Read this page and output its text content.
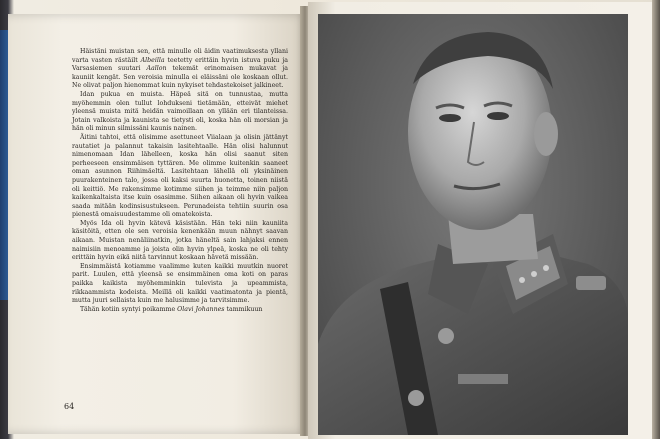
Häistäni muistan sen, että minulle oli äidin vaatimuksesta yllani varta vasten rästäilt Albeilla teetetty erittäin hyvin istuva puku ja Varsasiemen suutari Aallon tekemät erinomaisen mukavat ja kauniit kengät. Sen veroisia minulla ei eläissäni ole koskaan ollut. Ne olivat paljon hienommat kuin nykyiset tehdastekoiset jalkineet.

Idan pukua en muista. Häpeä sitä on tunnustaa, mutta myöhemmin olen tullut lohdukseni tietämään, etteivät miehet yleensä muista mitä heidän vaimoillaan on yllään eri tilanteissa. Jotain valkoista ja kaunista se tietysti oli, koska hän oli morsian ja hän oli minun silmissäni kaunis nainen.

Äitini tahtoi, että olisimme asettuneet Viialaan ja olisin jättänyt rautatiet ja palannut takaisin lasitehtaalle. Hän olisi halunnut nimenomaan Idan lähelleen, koska hän olisi saanut siten perheeseen ensimmäisen tyttären. Me olimme kuitenkin saaneet oman asunnon Riihimäeltä. Lasitehtaan lähellä oli yksinäinen puurakenteinen talo, jossa oli kaksi suurta huonetta, toinen niistä oli keittiö. Me rakensimme kotimme siihen ja teimme niin paljon kaikenkaltaista itse kuin osasimme. Siihen aikaan oli hyvin vaikea saada mitään kodinsisustukseen. Perunadeista tehtiin suurin osa pienestä omaisuudestamme oli omatekoista.

Myös Ida oli hyvin kätevä käsistään. Hän teki niin kauniita käsitöitä, etten ole sen veroisia kenenkään muun nähnyt saavan aikaan. Muistan nenäliinatkin, jotka häneltä sain lahjaksi ennen naimisiin menoamme ja joista olin hyvin ylpeä, koska ne oli tehty erittäin hyvin eikä niitä tarvinnut koskaan hävetä missään.

Ensimmäistä kotiamme vaalimme kuten kaikki muutkin nuoret parit. Luulen, että yleensä se ensimmäinen oma koti on paras paikka kaikista myöhemminkin tulevista ja upeammista, rikkaammista kodeista. Meillä oli kaikki vaatimatonta ja pientä, mutta juuri sellaista kuin me halusimme ja tarvitsimme.

Tähän kotiin syntyi poikamme Olavi Johannes tammikuun

64
